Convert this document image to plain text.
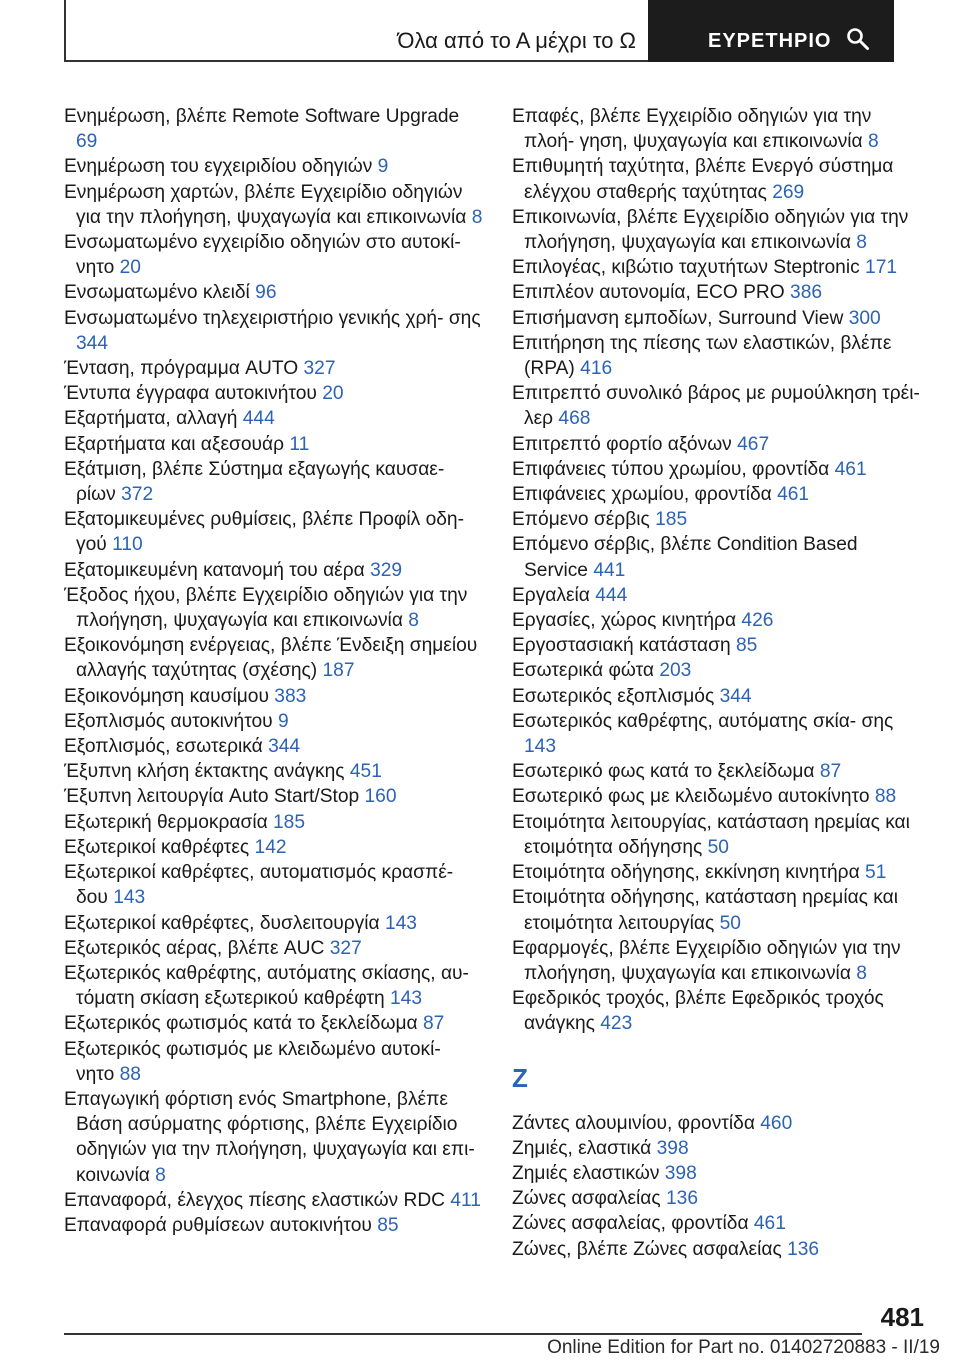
Όλα από το Α μέχρι το Ω	ΕΥΡΕΤΗΡΙΟ

Ενημέρωση, βλέπε Remote Software Upgrade 69

Ενημέρωση του εγχειριδίου οδηγιών 9

Ενημέρωση χαρτών, βλέπε Εγχειρίδιο οδηγιών για την πλοήγηση, ψυχαγωγία και επικοινωνία 8

Ενσωματωμένο εγχειρίδιο οδηγιών στο αυτοκί‐ νητο 20

Ενσωματωμένο κλειδί 96

Ενσωματωμένο τηλεχειριστήριο γενικής χρή‐ σης 344

Ένταση, πρόγραμμα AUTO 327

Έντυπα έγγραφα αυτοκινήτου 20

Εξαρτήματα, αλλαγή 444

Εξαρτήματα και αξεσουάρ 11

Εξάτμιση, βλέπε Σύστημα εξαγωγής καυσαε‐ ρίων 372

Εξατομικευμένες ρυθμίσεις, βλέπε Προφίλ οδη‐ γού 110

Εξατομικευμένη κατανομή του αέρα 329

Έξοδος ήχου, βλέπε Εγχειρίδιο οδηγιών για την πλοήγηση, ψυχαγωγία και επικοινωνία 8

Εξοικονόμηση ενέργειας, βλέπε Ένδειξη σημείου αλλαγής ταχύτητας (σχέσης) 187

Εξοικονόμηση καυσίμου 383

Εξοπλισμός αυτοκινήτου 9

Εξοπλισμός, εσωτερικά 344

Έξυπνη κλήση έκτακτης ανάγκης 451

Έξυπνη λειτουργία Auto Start/Stop 160

Εξωτερική θερμοκρασία 185

Εξωτερικοί καθρέφτες 142

Εξωτερικοί καθρέφτες, αυτοματισμός κρασπέ‐ δου 143

Εξωτερικοί καθρέφτες, δυσλειτουργία 143

Εξωτερικός αέρας, βλέπε AUC 327

Εξωτερικός καθρέφτης, αυτόματης σκίασης, αυ‐ τόματη σκίαση εξωτερικού καθρέφτη 143

Εξωτερικός φωτισμός κατά το ξεκλείδωμα 87

Εξωτερικός φωτισμός με κλειδωμένο αυτοκί‐ νητο 88

Επαγωγική φόρτιση ενός Smartphone, βλέπε Βάση ασύρματης φόρτισης, βλέπε Εγχειρίδιο οδηγιών για την πλοήγηση, ψυχαγωγία και επι‐ κοινωνία 8

Επαναφορά, έλεγχος πίεσης ελαστικών RDC 411

Επαναφορά ρυθμίσεων αυτοκινήτου 85

Επαφές, βλέπε Εγχειρίδιο οδηγιών για την πλοή‐ γηση, ψυχαγωγία και επικοινωνία 8

Επιθυμητή ταχύτητα, βλέπε Ενεργό σύστημα ελέγχου σταθερής ταχύτητας 269

Επικοινωνία, βλέπε Εγχειρίδιο οδηγιών για την πλοήγηση, ψυχαγωγία και επικοινωνία 8

Επιλογέας, κιβώτιο ταχυτήτων Steptronic 171

Επιπλέον αυτονομία, ECO PRO 386

Επισήμανση εμποδίων, Surround View 300

Επιτήρηση της πίεσης των ελαστικών, βλέπε (RPA) 416

Επιτρεπτό συνολικό βάρος με ρυμούλκηση τρέι‐ λερ 468

Επιτρεπτό φορτίο αξόνων 467

Επιφάνειες τύπου χρωμίου, φροντίδα 461

Επιφάνειες χρωμίου, φροντίδα 461

Επόμενο σέρβις 185

Επόμενο σέρβις, βλέπε Condition Based Service 441

Εργαλεία 444

Εργασίες, χώρος κινητήρα 426

Εργοστασιακή κατάσταση 85

Εσωτερικά φώτα 203

Εσωτερικός εξοπλισμός 344

Εσωτερικός καθρέφτης, αυτόματης σκία‐ σης 143

Εσωτερικό φως κατά το ξεκλείδωμα 87

Εσωτερικό φως με κλειδωμένο αυτοκίνητο 88

Ετοιμότητα λειτουργίας, κατάσταση ηρεμίας και ετοιμότητα οδήγησης 50

Ετοιμότητα οδήγησης, εκκίνηση κινητήρα 51

Ετοιμότητα οδήγησης, κατάσταση ηρεμίας και ετοιμότητα λειτουργίας 50

Εφαρμογές, βλέπε Εγχειρίδιο οδηγιών για την πλοήγηση, ψυχαγωγία και επικοινωνία 8

Εφεδρικός τροχός, βλέπε Εφεδρικός τροχός ανάγκης 423

Z

Ζάντες αλουμινίου, φροντίδα 460

Ζημιές, ελαστικά 398

Ζημιές ελαστικών 398

Ζώνες ασφαλείας 136

Ζώνες ασφαλείας, φροντίδα 461

Ζώνες, βλέπε Ζώνες ασφαλείας 136

481
Online Edition for Part no. 01402720883 - II/19
